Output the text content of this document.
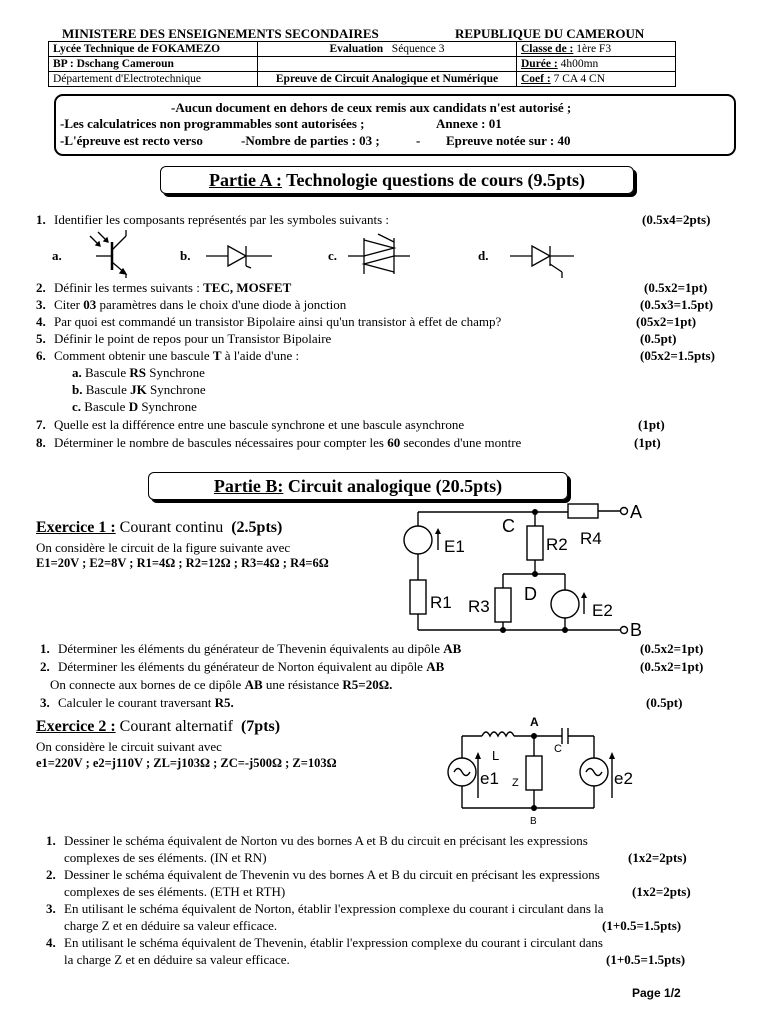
MINISTERE DES ENSEIGNEMENTS SECONDAIRES	REPUBLIQUE DU CAMEROUN
Lycée Technique de FOKAMEZO	Evaluation Séquence 3	Classe de : 1ère F3
BP : Dschang Cameroun		Durée : 4h00mn
Département d'Electrotechnique	Epreuve de Circuit Analogique et Numérique	Coef : 7 CA 4 CN
-Aucun document en dehors de ceux remis aux candidats n'est autorisé ;
-Les calculatrices non programmables sont autorisées ;	Annexe : 01
-L'épreuve est recto verso	-Nombre de parties : 03 ;	- Epreuve notée sur : 40
Partie A : Technologie questions de cours (9.5pts)
1. Identifier les composants représentés par les symboles suivants :	(0.5x4=2pts)
a.	b.	c.	d.
2. Définir les termes suivants : TEC, MOSFET	(0.5x2=1pt)
3. Citer 03 paramètres dans le choix d'une diode à jonction	(0.5x3=1.5pt)
4. Par quoi est commandé un transistor Bipolaire ainsi qu'un transistor à effet de champ?	(05x2=1pt)
5. Définir le point de repos pour un Transistor Bipolaire	(0.5pt)
6. Comment obtenir une bascule T à l'aide d'une :	(05x2=1.5pts)
a. Bascule RS Synchrone
b. Bascule JK Synchrone
c. Bascule D Synchrone
7. Quelle est la différence entre une bascule synchrone et une bascule asynchrone	(1pt)
8. Déterminer le nombre de bascules nécessaires pour compter les 60 secondes d'une montre	(1pt)
Partie B: Circuit analogique (20.5pts)
Exercice 1 : Courant continu (2.5pts)
On considère le circuit de la figure suivante avec
E1=20V ; E2=8V ; R1=4Ω ; R2=12Ω ; R3=4Ω ; R4=6Ω
E1
R1
C
R2 R4
A
R3
D
E2
B
1. Déterminer les éléments du générateur de Thevenin équivalents au dipôle AB	(0.5x2=1pt)
2. Déterminer les éléments du générateur de Norton équivalent au dipôle AB	(0.5x2=1pt)
On connecte aux bornes de ce dipôle AB une résistance R5=20Ω.
3. Calculer le courant traversant R5.	(0.5pt)
Exercice 2 : Courant alternatif (7pts)
On considère le circuit suivant avec
e1=220V ; e2=j110V ; ZL=j103Ω ; ZC=-j500Ω ; Z=103Ω
A
L	C
Z
e1	e2
B
1. Dessiner le schéma équivalent de Norton vu des bornes A et B du circuit en précisant les expressions
complexes de ses éléments. (IN et RN)	(1x2=2pts)
2. Dessiner le schéma équivalent de Thevenin vu des bornes A et B du circuit en précisant les expressions
complexes de ses éléments. (ETH et RTH)	(1x2=2pts)
3. En utilisant le schéma équivalent de Norton, établir l'expression complexe du courant i circulant dans la
charge Z et en déduire sa valeur efficace.	(1+0.5=1.5pts)
4. En utilisant le schéma équivalent de Thevenin, établir l'expression complexe du courant i circulant dans
la charge Z et en déduire sa valeur efficace.	(1+0.5=1.5pts)
Page 1/2
